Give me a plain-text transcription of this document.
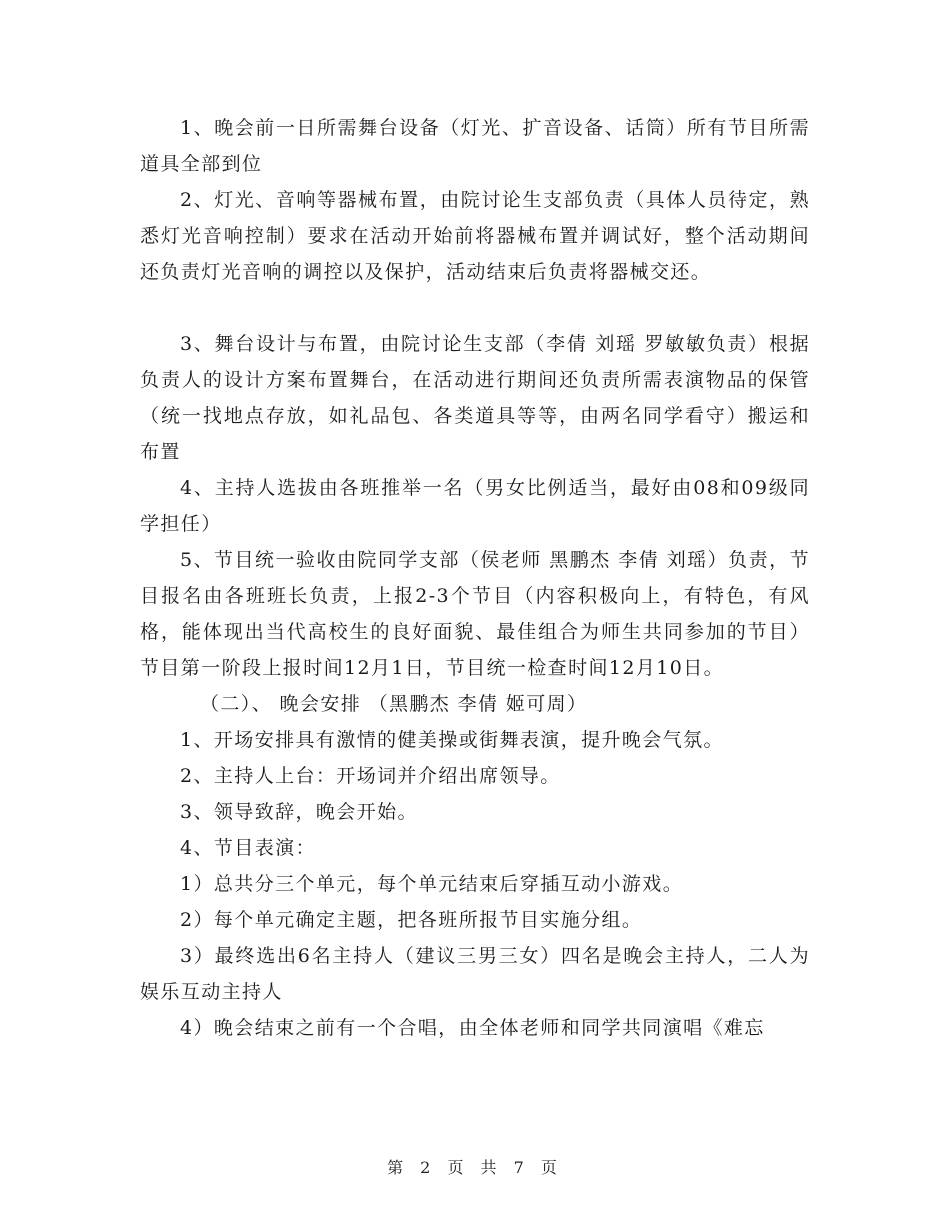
1、晚会前一日所需舞台设备（灯光、扩音设备、话筒）所有节目所需道具全部到位

2、灯光、音响等器械布置，由院讨论生支部负责（具体人员待定，熟悉灯光音响控制）要求在活动开始前将器械布置并调试好，整个活动期间还负责灯光音响的调控以及保护，活动结束后负责将器械交还。

3、舞台设计与布置，由院讨论生支部（李倩 刘瑶 罗敏敏负责）根据负责人的设计方案布置舞台，在活动进行期间还负责所需表演物品的保管（统一找地点存放，如礼品包、各类道具等等，由两名同学看守）搬运和布置

4、主持人选拔由各班推举一名（男女比例适当，最好由08和09级同学担任）

5、节目统一验收由院同学支部（侯老师 黑鹏杰 李倩 刘瑶）负责，节目报名由各班班长负责，上报2-3个节目（内容积极向上，有特色，有风格，能体现出当代高校生的良好面貌、最佳组合为师生共同参加的节目） 节目第一阶段上报时间12月1日，节目统一检查时间12月10日。

（二）、 晚会安排 （黑鹏杰 李倩 姬可周）

1、开场安排具有激情的健美操或街舞表演，提升晚会气氛。

2、主持人上台：开场词并介绍出席领导。

3、领导致辞，晚会开始。

4、节目表演：

1）总共分三个单元，每个单元结束后穿插互动小游戏。

2）每个单元确定主题，把各班所报节目实施分组。

3）最终选出6名主持人（建议三男三女）四名是晚会主持人，二人为娱乐互动主持人

4）晚会结束之前有一个合唱，由全体老师和同学共同演唱《难忘

第 2 页 共 7 页
